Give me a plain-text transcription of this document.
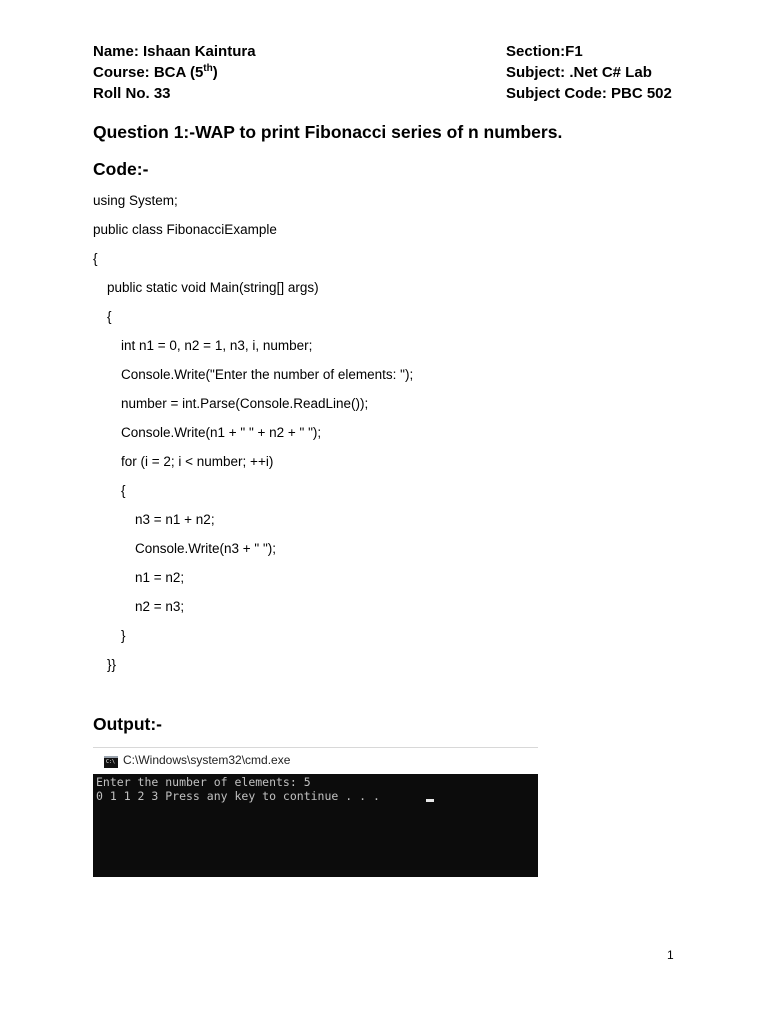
Name: Ishaan Kaintura	Section:F1
Course: BCA (5th)	Subject: .Net C# Lab
Roll No. 33	Subject Code: PBC 502
Question 1:-WAP to print Fibonacci series of n numbers.
Code:-
using System;
public class FibonacciExample
{
public static void Main(string[] args)
{
int n1 = 0, n2 = 1, n3, i, number;
Console.Write("Enter the number of elements: ");
number = int.Parse(Console.ReadLine());
Console.Write(n1 + " " + n2 + " ");
for (i = 2; i < number; ++i)
{
n3 = n1 + n2;
Console.Write(n3 + " ");
n1 = n2;
n2 = n3;
}
}}
Output:-
C:\ C:\Windows\system32\cmd.exe
Enter the number of elements: 5
0 1 1 2 3 Press any key to continue . . .
1
